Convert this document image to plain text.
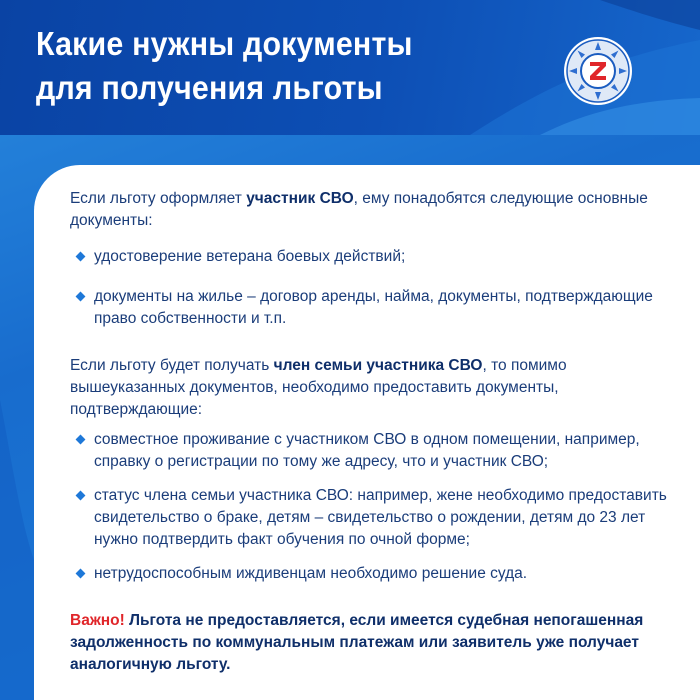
Какие нужны документы
для получения льготы

Если льготу оформляет участник СВО, ему понадобятся следующие основные документы:

удостоверение ветерана боевых действий;
документы на жилье – договор аренды, найма, документы, подтверждающие право собственности и т.п.

Если льготу будет получать член семьи участника СВО, то помимо вышеуказанных документов, необходимо предоставить документы, подтверждающие:

совместное проживание с участником СВО в одном помещении, например, справку о регистрации по тому же адресу, что и участник СВО;
статус члена семьи участника СВО: например, жене необходимо предоставить свидетельство о браке, детям – свидетельство о рождении, детям до 23 лет нужно подтвердить факт обучения по очной форме;
нетрудоспособным иждивенцам необходимо решение суда.

Важно! Льгота не предоставляется, если имеется судебная непогашенная задолженность по коммунальным платежам или заявитель уже получает аналогичную льготу.
